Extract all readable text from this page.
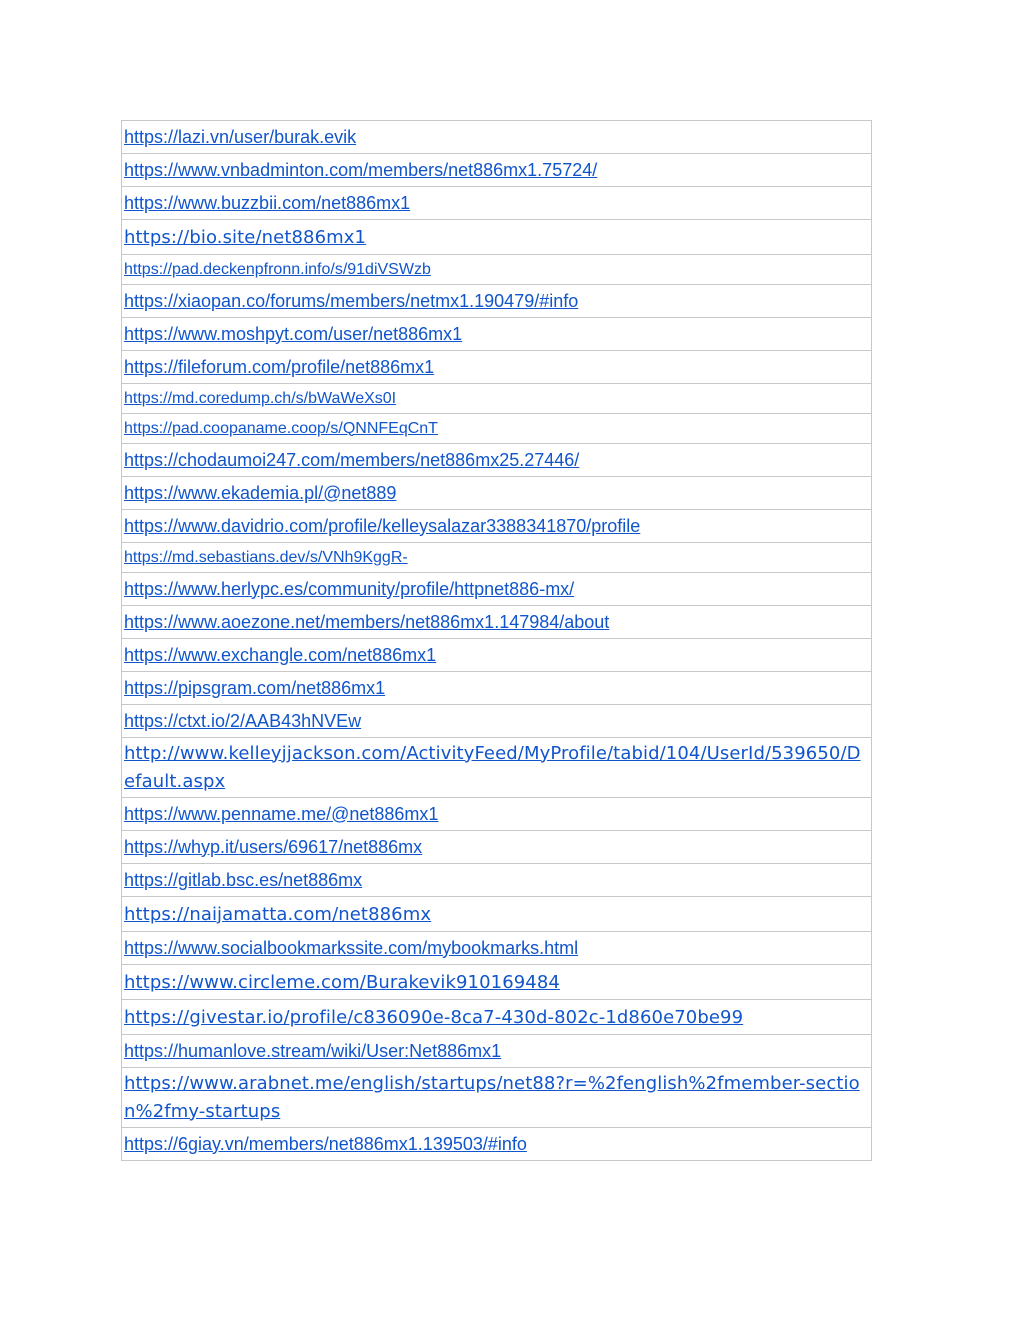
https://lazi.vn/user/burak.evik
https://www.vnbadminton.com/members/net886mx1.75724/
https://www.buzzbii.com/net886mx1
https://bio.site/net886mx1
https://pad.deckenpfronn.info/s/91diVSWzb
https://xiaopan.co/forums/members/netmx1.190479/#info
https://www.moshpyt.com/user/net886mx1
https://fileforum.com/profile/net886mx1
https://md.coredump.ch/s/bWaWeXs0I
https://pad.coopaname.coop/s/QNNFEqCnT
https://chodaumoi247.com/members/net886mx25.27446/
https://www.ekademia.pl/@net889
https://www.davidrio.com/profile/kelleysalazar3388341870/profile
https://md.sebastians.dev/s/VNh9KggR-
https://www.herlypc.es/community/profile/httpnet886-mx/
https://www.aoezone.net/members/net886mx1.147984/about
https://www.exchangle.com/net886mx1
https://pipsgram.com/net886mx1
https://ctxt.io/2/AAB43hNVEw
http://www.kelleyjjackson.com/ActivityFeed/MyProfile/tabid/104/UserId/539650/Default.aspx
https://www.penname.me/@net886mx1
https://whyp.it/users/69617/net886mx
https://gitlab.bsc.es/net886mx
https://naijamatta.com/net886mx
https://www.socialbookmarkssite.com/mybookmarks.html
https://www.circleme.com/Burakevik910169484
https://givestar.io/profile/c836090e-8ca7-430d-802c-1d860e70be99
https://humanlove.stream/wiki/User:Net886mx1
https://www.arabnet.me/english/startups/net88?r=%2fenglish%2fmember-section%2fmy-startups
https://6giay.vn/members/net886mx1.139503/#info
